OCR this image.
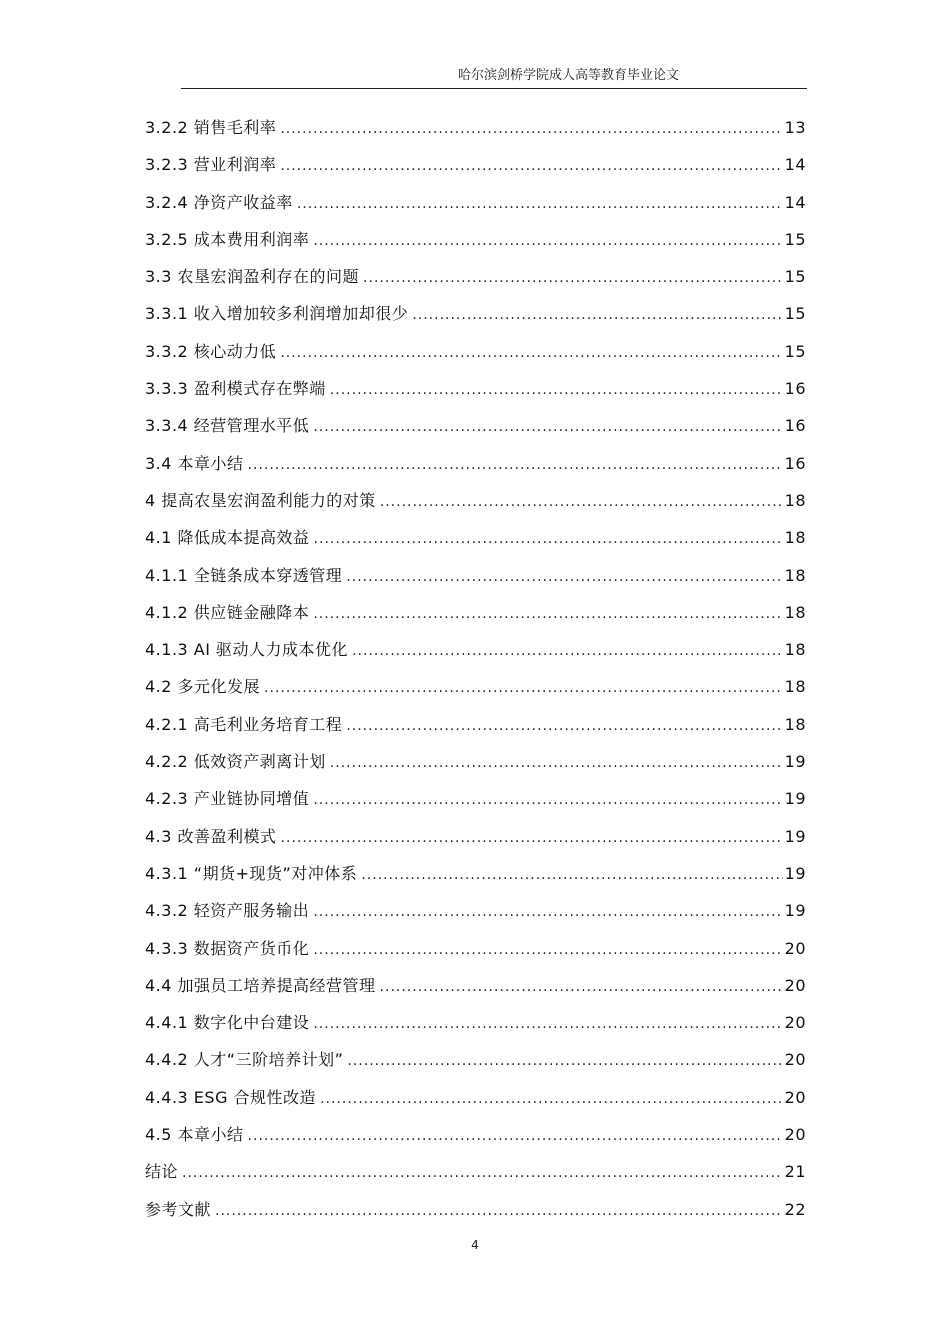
哈尔滨剑桥学院成人高等教育毕业论文
3.2.2 销售毛利率 .....	13
3.2.3 营业利润率 .....	14
3.2.4 净资产收益率 .....	14
3.2.5 成本费用利润率 .....	15
3.3 农垦宏润盈利存在的问题 .....	15
3.3.1 收入增加较多利润增加却很少 .....	15
3.3.2 核心动力低 .....	15
3.3.3 盈利模式存在弊端 .....	16
3.3.4 经营管理水平低 .....	16
3.4 本章小结 .....	16
4 提高农垦宏润盈利能力的对策 .....	18
4.1 降低成本提高效益 .....	18
4.1.1 全链条成本穿透管理 .....	18
4.1.2 供应链金融降本 .....	18
4.1.3 AI 驱动人力成本优化 .....	18
4.2 多元化发展 .....	18
4.2.1 高毛利业务培育工程 .....	18
4.2.2 低效资产剥离计划 .....	19
4.2.3 产业链协同增值 .....	19
4.3 改善盈利模式 .....	19
4.3.1 “期货+现货”对冲体系 .....	19
4.3.2 轻资产服务输出 .....	19
4.3.3 数据资产货币化 .....	20
4.4 加强员工培养提高经营管理 .....	20
4.4.1 数字化中台建设 .....	20
4.4.2 人才“三阶培养计划” .....	20
4.4.3 ESG 合规性改造 .....	20
4.5 本章小结 .....	20
结论 .....	21
参考文献 .....	22
4
